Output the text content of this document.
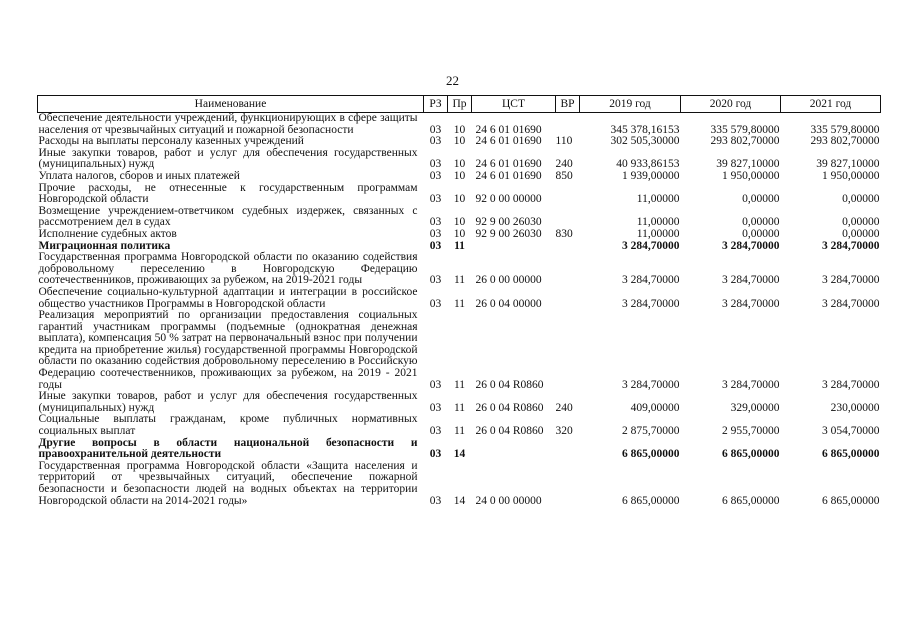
22
Наименование	РЗ	Пр	ЦСТ	ВР	2019 год	2020 год	2021 год
Обеспечение деятельности учреждений, функционирующих в сфере защиты населения от чрезвычайных ситуаций и пожарной безопасности	03	10	24 6 01 01690		345 378,16153	335 579,80000	335 579,80000
Расходы на выплаты персоналу казенных учреждений	03	10	24 6 01 01690	110	302 505,30000	293 802,70000	293 802,70000
Иные закупки товаров, работ и услуг для обеспечения государственных (муниципальных) нужд	03	10	24 6 01 01690	240	40 933,86153	39 827,10000	39 827,10000
Уплата налогов, сборов и иных платежей	03	10	24 6 01 01690	850	1 939,00000	1 950,00000	1 950,00000
Прочие расходы, не отнесенные к государственным программам Новгородской области	03	10	92 0 00 00000		11,00000	0,00000	0,00000
Возмещение учреждением-ответчиком судебных издержек, связанных с рассмотрением дел в судах	03	10	92 9 00 26030		11,00000	0,00000	0,00000
Исполнение судебных актов	03	10	92 9 00 26030	830	11,00000	0,00000	0,00000
Миграционная политика	03	11			3 284,70000	3 284,70000	3 284,70000
Государственная программа Новгородской области по оказанию содействия добровольному переселению в Новгородскую Федерацию соотечественников, проживающих за рубежом, на 2019-2021 годы	03	11	26 0 00 00000		3 284,70000	3 284,70000	3 284,70000
Обеспечение социально-культурной адаптации и интеграции в российское общество участников Программы в Новгородской области	03	11	26 0 04 00000		3 284,70000	3 284,70000	3 284,70000
Реализация мероприятий по организации предоставления социальных гарантий участникам программы (подъемные (однократная денежная выплата), компенсация 50 % затрат на первоначальный взнос при получении кредита на приобретение жилья) государственной программы Новгородской области по оказанию содействия добровольному переселению в Российскую Федерацию соотечественников, проживающих за рубежом, на 2019 - 2021 годы	03	11	26 0 04 R0860		3 284,70000	3 284,70000	3 284,70000
Иные закупки товаров, работ и услуг для обеспечения государственных (муниципальных) нужд	03	11	26 0 04 R0860	240	409,00000	329,00000	230,00000
Социальные выплаты гражданам, кроме публичных нормативных социальных выплат	03	11	26 0 04 R0860	320	2 875,70000	2 955,70000	3 054,70000
Другие вопросы в области национальной безопасности и правоохранительной деятельности	03	14			6 865,00000	6 865,00000	6 865,00000
Государственная программа Новгородской области «Защита населения и территорий от чрезвычайных ситуаций, обеспечение пожарной безопасности и безопасности людей на водных объектах на территории Новгородской области на 2014-2021 годы»	03	14	24 0 00 00000		6 865,00000	6 865,00000	6 865,00000
